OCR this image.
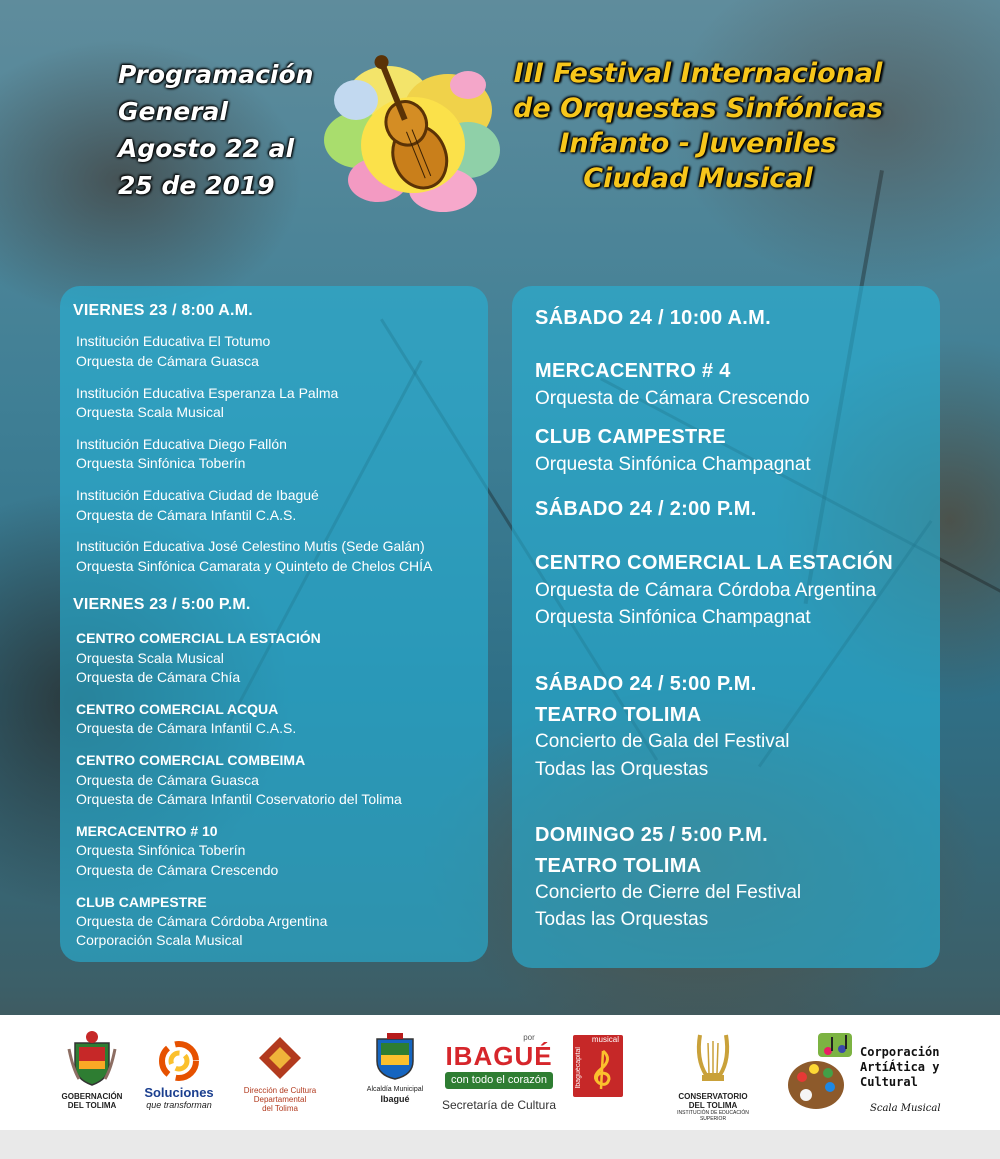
Programación
General
Agosto 22 al
25 de 2019
III Festival Internacional
de Orquestas Sinfónicas
Infanto - Juveniles
Ciudad Musical
VIERNES 23 / 8:00 A.M.
Institución Educativa El Totumo
Orquesta de Cámara Guasca
Institución Educativa Esperanza La Palma
Orquesta Scala Musical
Institución Educativa Diego Fallón
Orquesta Sinfónica Toberín
Institución Educativa Ciudad de Ibagué
Orquesta de Cámara Infantil C.A.S.
Institución Educativa José Celestino Mutis (Sede Galán)
Orquesta Sinfónica Camarata y Quinteto de Chelos CHÍA
VIERNES 23 / 5:00 P.M.
CENTRO COMERCIAL LA ESTACIÓN
Orquesta Scala Musical
Orquesta de Cámara Chía
CENTRO COMERCIAL ACQUA
Orquesta de Cámara Infantil C.A.S.
CENTRO COMERCIAL COMBEIMA
Orquesta de Cámara Guasca
Orquesta de Cámara Infantil Coservatorio del Tolima
MERCACENTRO # 10
Orquesta Sinfónica Toberín
Orquesta de Cámara Crescendo
CLUB CAMPESTRE
Orquesta de Cámara Córdoba Argentina
Corporación Scala Musical
SÁBADO 24 / 10:00 A.M.
MERCACENTRO # 4
Orquesta de Cámara Crescendo
CLUB CAMPESTRE
Orquesta Sinfónica Champagnat
SÁBADO 24 / 2:00 P.M.
CENTRO COMERCIAL LA ESTACIÓN
Orquesta de Cámara Córdoba Argentina
Orquesta Sinfónica Champagnat
SÁBADO 24 / 5:00 P.M.
TEATRO TOLIMA
Concierto de Gala del Festival
Todas las Orquestas
DOMINGO 25 / 5:00 P.M.
TEATRO TOLIMA
Concierto de Cierre del Festival
Todas las Orquestas
GOBERNACIÓN
DEL TOLIMA
Soluciones
que transforman
Dirección de Cultura
Departamental
del Tolima
Alcaldía Municipal
Ibagué
por
IBAGUÉ
con todo el corazón
Secretaría de Cultura
musical
Ibaguécapital
CONSERVATORIO
DEL TOLIMA
INSTITUCIÓN DE EDUCACIÓN SUPERIOR
Corporación
ArtíÁtica y
Cultural
Scala Musical
